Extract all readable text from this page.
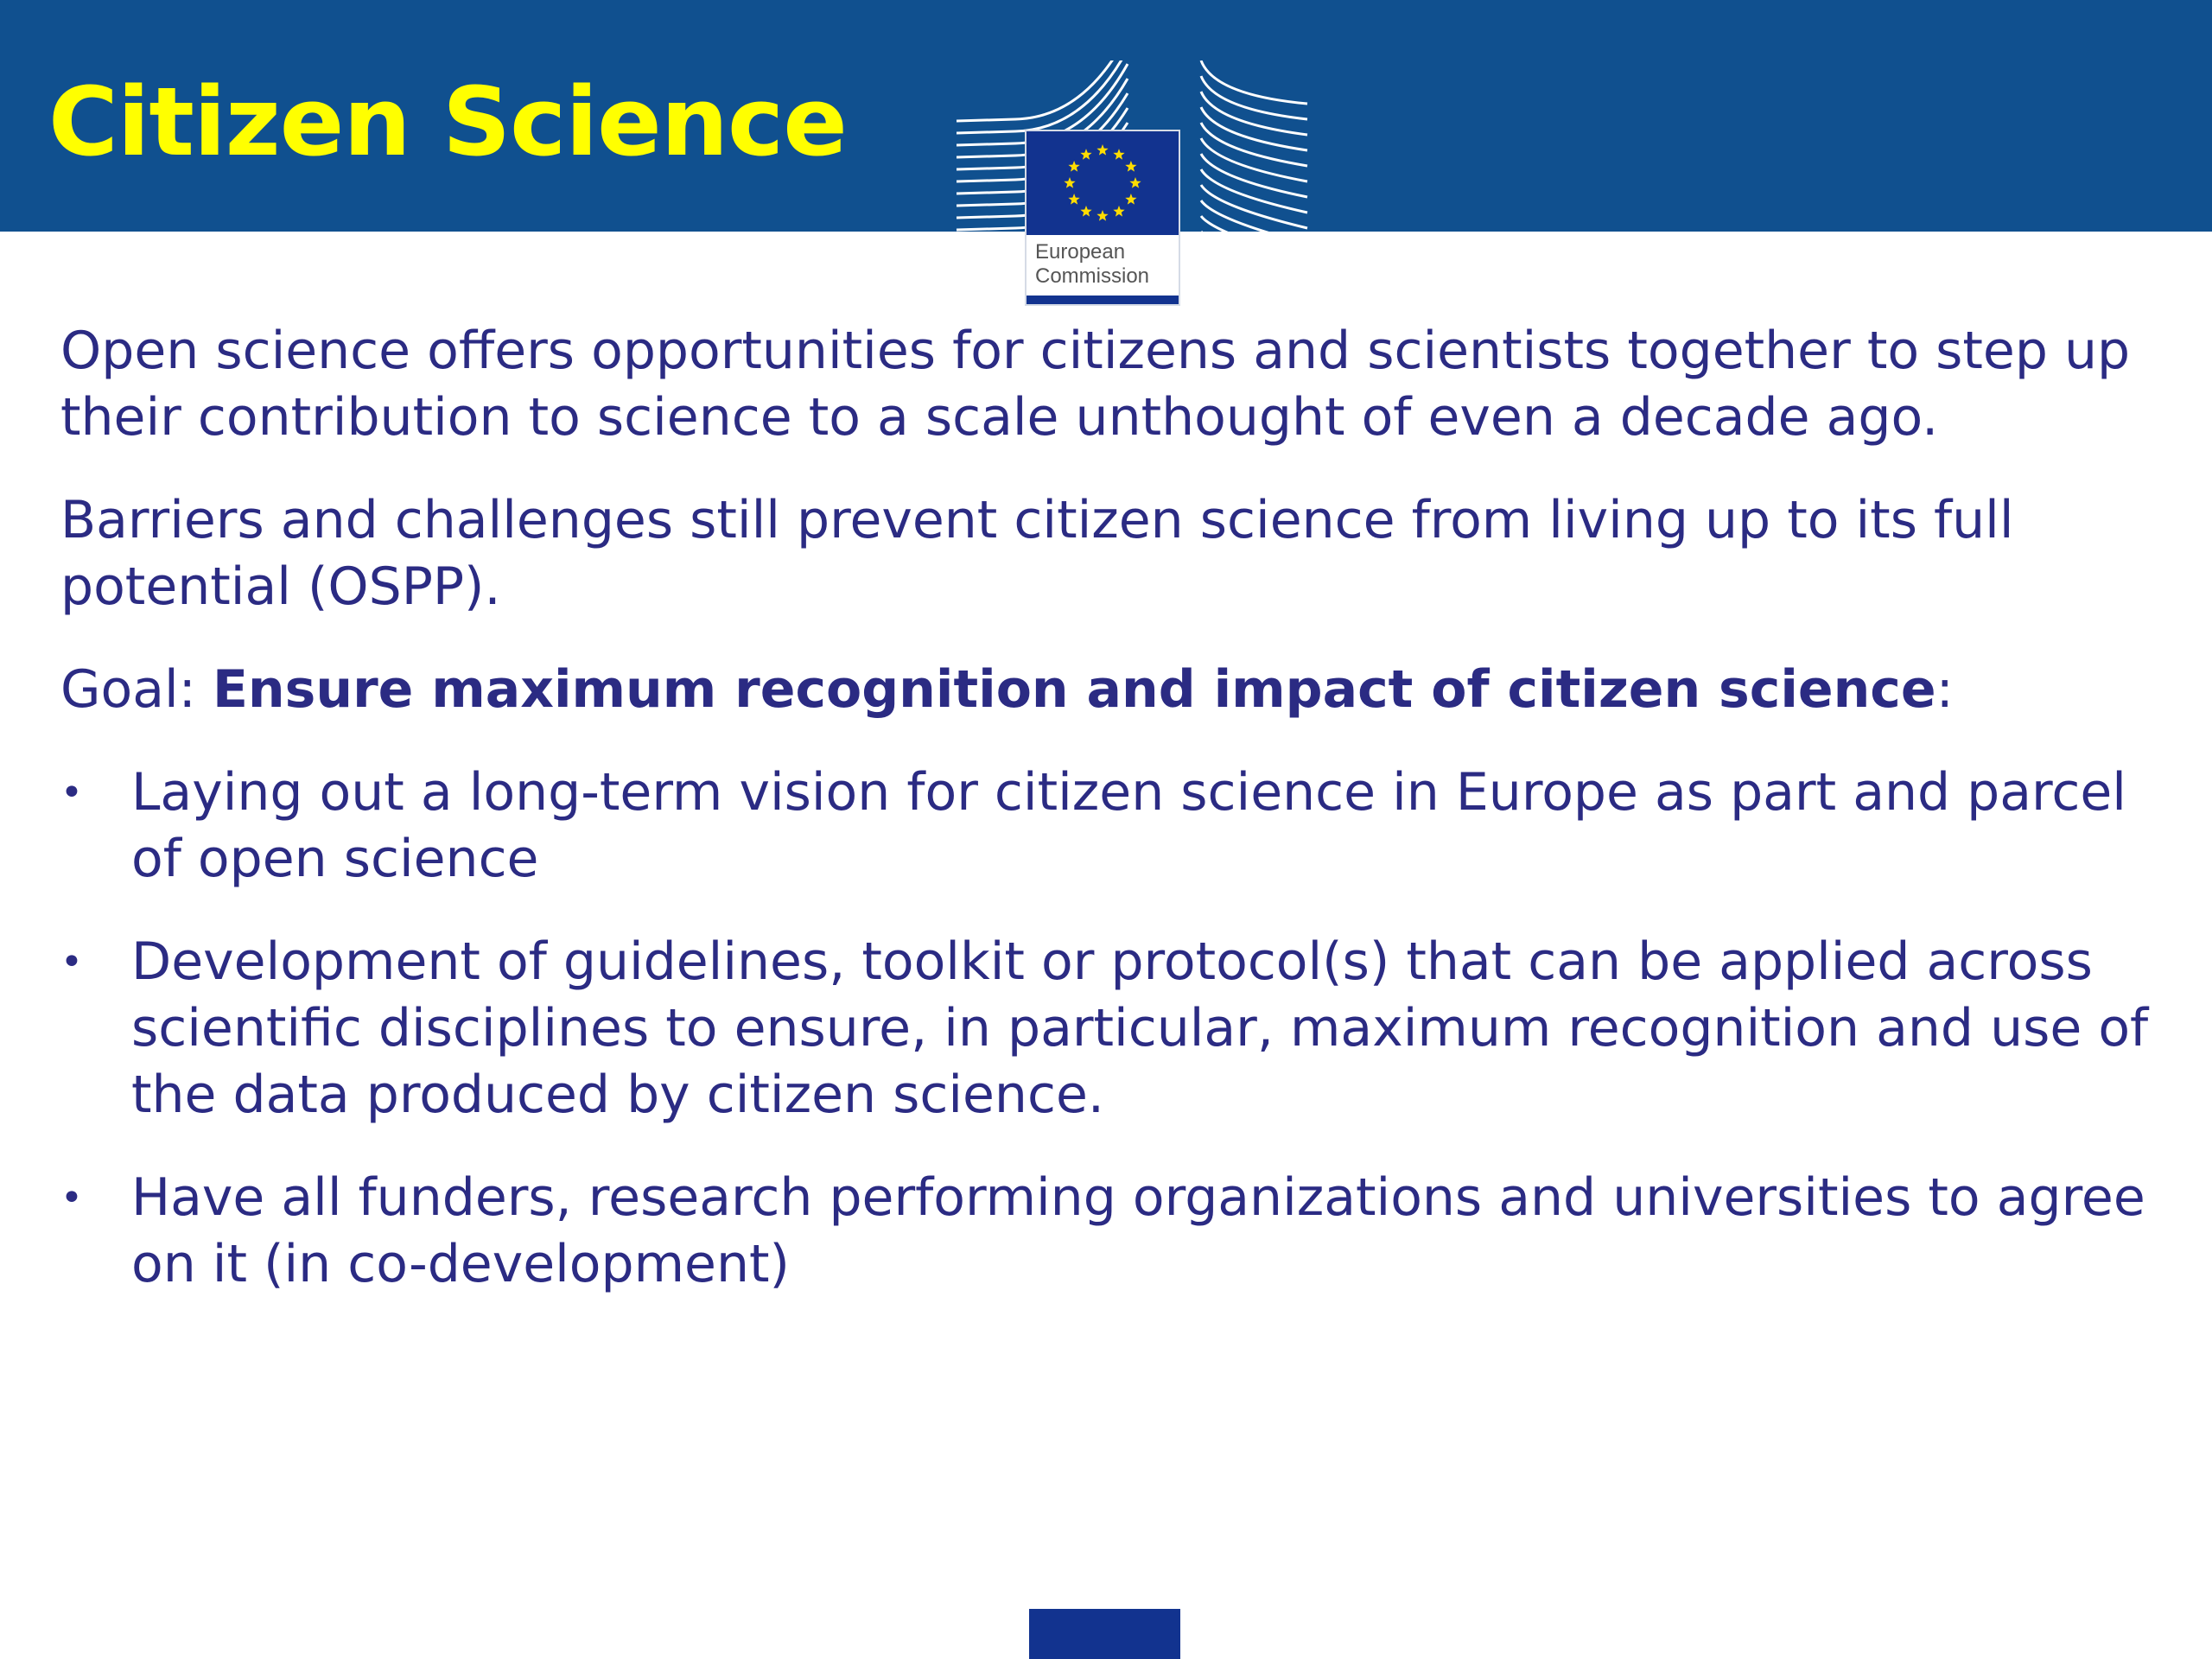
Citizen Science
European
Commission

Open science offers opportunities for citizens and scientists together to step up their contribution to science to a scale unthought of even a decade ago.

Barriers and challenges still prevent citizen science from living up to its full potential (OSPP).

Goal: Ensure maximum recognition and impact of citizen science:

• Laying out a long-term vision for citizen science in Europe as part and parcel of open science
• Development of guidelines, toolkit or protocol(s) that can be applied across scientific disciplines to ensure, in particular, maximum recognition and use of the data produced by citizen science.
• Have all funders, research performing organizations and universities to agree on it (in co-development)
